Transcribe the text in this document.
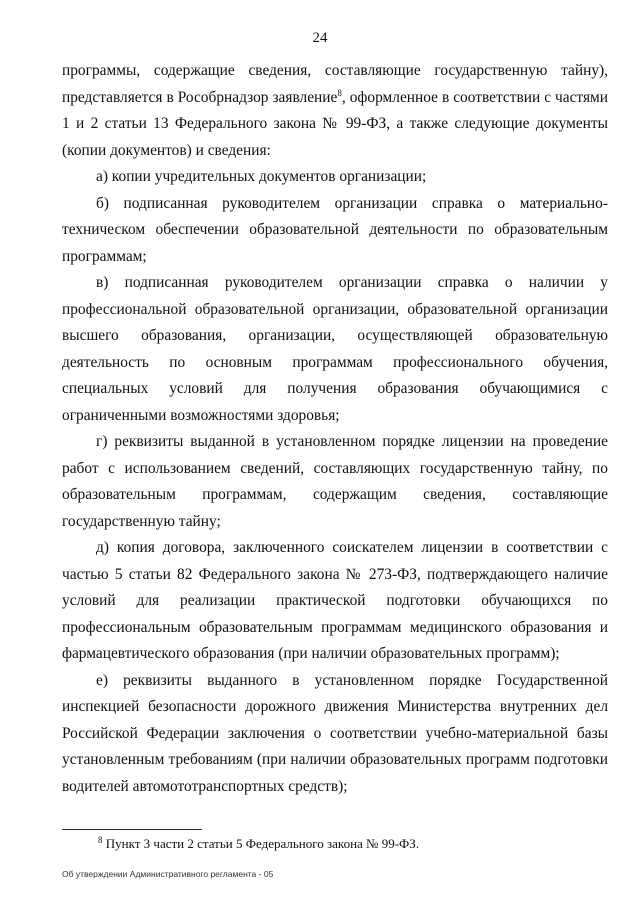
24

программы, содержащие сведения, составляющие государственную тайну), представляется в Рособрнадзор заявление$^8$, оформленное в соответствии с частями 1 и 2 статьи 13 Федерального закона № 99-ФЗ, а также следующие документы (копии документов) и сведения:

а) копии учредительных документов организации;

б) подписанная руководителем организации справка о материально-техническом обеспечении образовательной деятельности по образовательным программам;

в) подписанная руководителем организации справка о наличии у профессиональной образовательной организации, образовательной организации высшего образования, организации, осуществляющей образовательную деятельность по основным программам профессионального обучения, специальных условий для получения образования обучающимися с ограниченными возможностями здоровья;

г) реквизиты выданной в установленном порядке лицензии на проведение работ с использованием сведений, составляющих государственную тайну, по образовательным программам, содержащим сведения, составляющие государственную тайну;

д) копия договора, заключенного соискателем лицензии в соответствии с частью 5 статьи 82 Федерального закона № 273-ФЗ, подтверждающего наличие условий для реализации практической подготовки обучающихся по профессиональным образовательным программам медицинского образования и фармацевтического образования (при наличии образовательных программ);

е) реквизиты выданного в установленном порядке Государственной инспекцией безопасности дорожного движения Министерства внутренних дел Российской Федерации заключения о соответствии учебно-материальной базы установленным требованиям (при наличии образовательных программ подготовки водителей автомототранспортных средств);

$^8$ Пункт 3 части 2 статьи 5 Федерального закона № 99-ФЗ.
Об утверждении Административного регламента - 05
